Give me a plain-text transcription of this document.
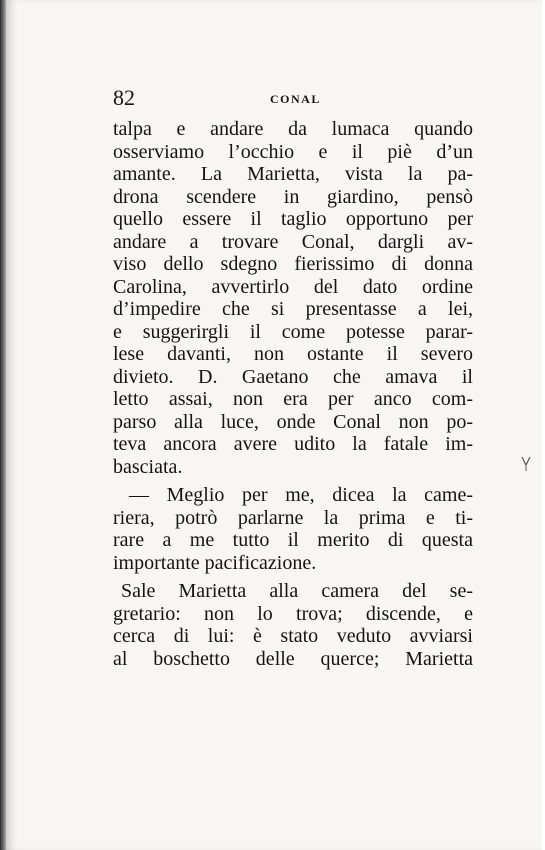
82	CONAL
talpa e andare da lumaca quando
osserviamo l’occhio e il piè d’un
amante. La Marietta, vista la pa-
drona scendere in giardino, pensò
quello essere il taglio opportuno per
andare a trovare Conal, dargli av-
viso dello sdegno fierissimo di donna
Carolina, avvertirlo del dato ordine
d’impedire che si presentasse a lei,
e suggerirgli il come potesse parar-
lese davanti, non ostante il severo
divieto. D. Gaetano che amava il
letto assai, non era per anco com-
parso alla luce, onde Conal non po-
teva ancora avere udito la fatale im-
basciata.
— Meglio per me, dicea la came-
riera, potrò parlarne la prima e ti-
rare a me tutto il merito di questa
importante pacificazione.
Sale Marietta alla camera del se-
gretario: non lo trova; discende, e
cerca di lui: è stato veduto avviarsi
al boschetto delle querce; Marietta
